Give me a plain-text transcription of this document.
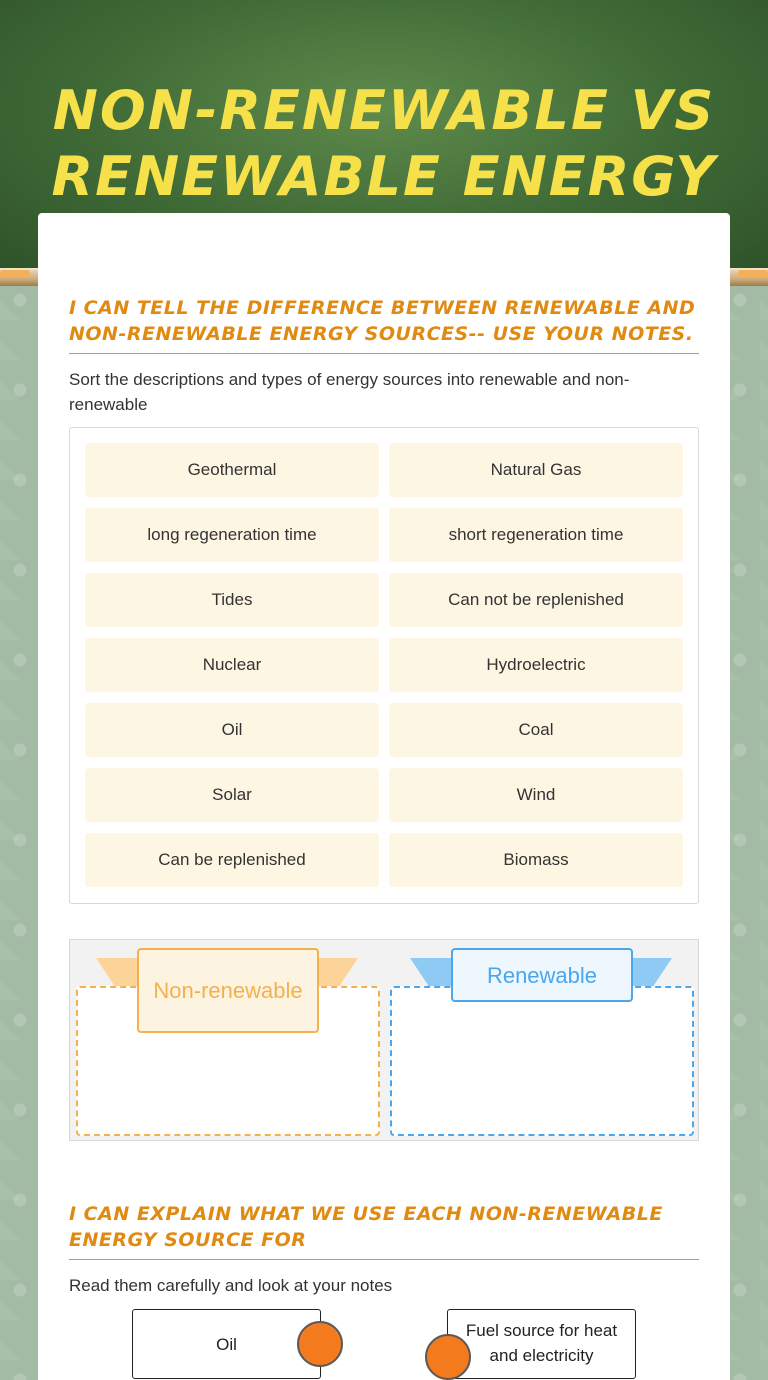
NON-RENEWABLE VS RENEWABLE ENERGY
I CAN TELL THE DIFFERENCE BETWEEN RENEWABLE AND NON-RENEWABLE ENERGY SOURCES-- USE YOUR NOTES.

Sort the descriptions and types of energy sources into renewable and non-renewable

Geothermal	Natural Gas
long regeneration time	short regeneration time
Tides	Can not be replenished
Nuclear	Hydroelectric
Oil	Coal
Solar	Wind
Can be replenished	Biomass
Non-renewable
Renewable
I CAN EXPLAIN WHAT WE USE EACH NON-RENEWABLE ENERGY SOURCE FOR

Read them carefully and look at your notes

Oil
Fuel source for heat and electricity
